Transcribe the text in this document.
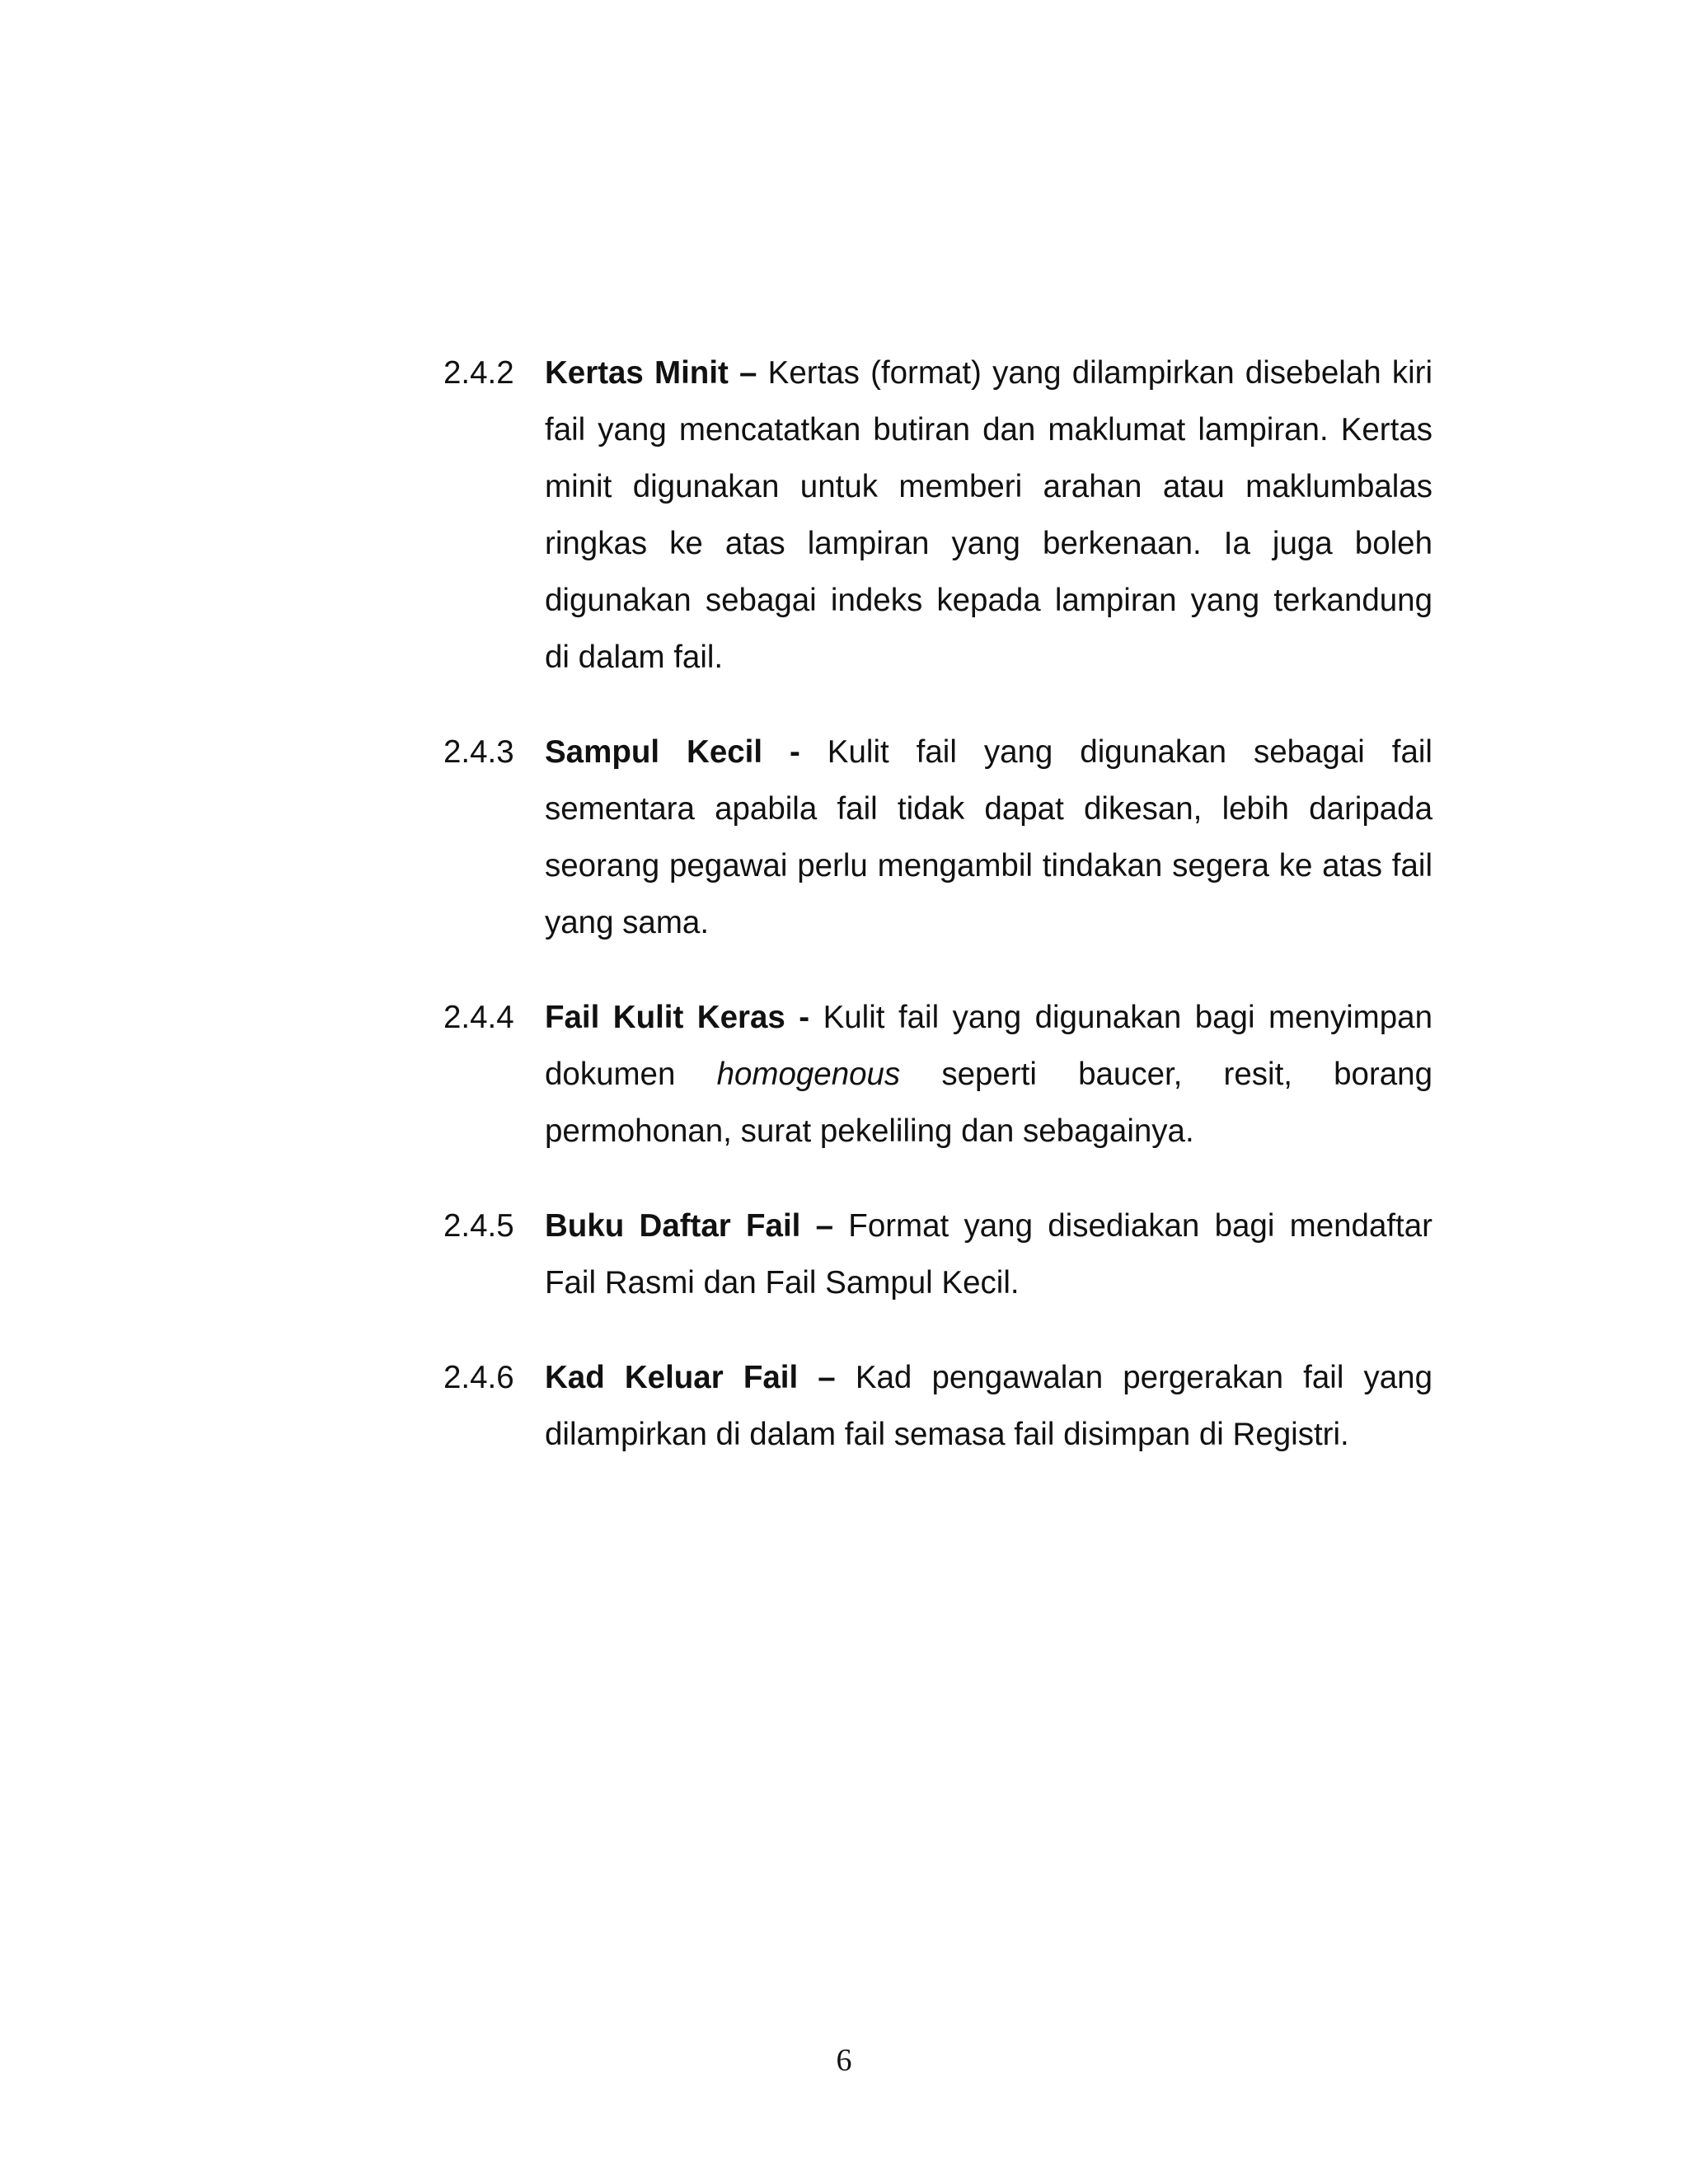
2.4.2 Kertas Minit – Kertas (format) yang dilampirkan disebelah kiri fail yang mencatatkan butiran dan maklumat lampiran. Kertas minit digunakan untuk memberi arahan atau maklumbalas ringkas ke atas lampiran yang berkenaan. Ia juga boleh digunakan sebagai indeks kepada lampiran yang terkandung di dalam fail.
2.4.3 Sampul Kecil - Kulit fail yang digunakan sebagai fail sementara apabila fail tidak dapat dikesan, lebih daripada seorang pegawai perlu mengambil tindakan segera ke atas fail yang sama.
2.4.4 Fail Kulit Keras - Kulit fail yang digunakan bagi menyimpan dokumen homogenous seperti baucer, resit, borang permohonan, surat pekeliling dan sebagainya.
2.4.5 Buku Daftar Fail – Format yang disediakan bagi mendaftar Fail Rasmi dan Fail Sampul Kecil.
2.4.6 Kad Keluar Fail – Kad pengawalan pergerakan fail yang dilampirkan di dalam fail semasa fail disimpan di Registri.
6
